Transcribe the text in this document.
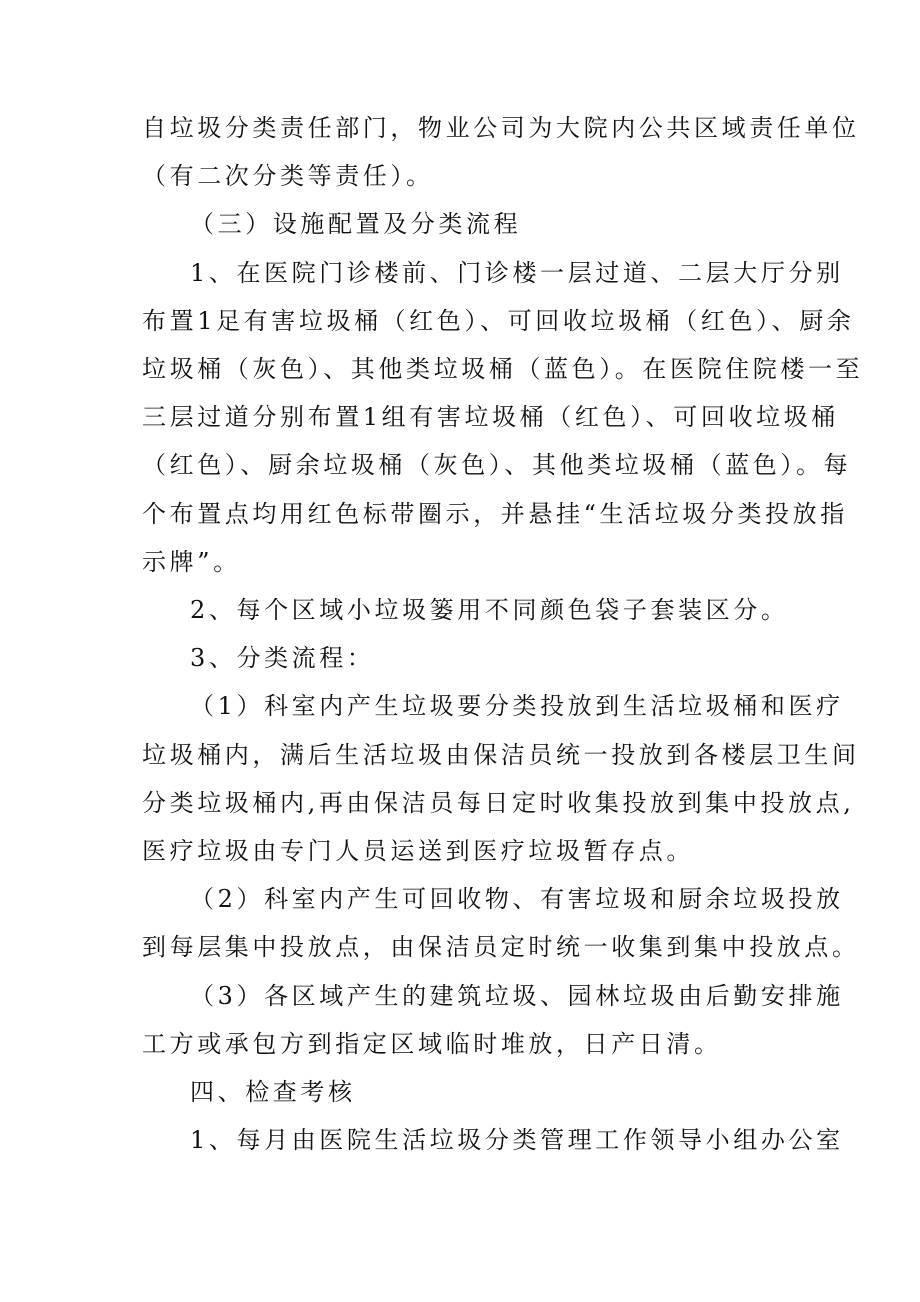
自垃圾分类责任部门，物业公司为大院内公共区域责任单位
（有二次分类等责任）。

（三）设施配置及分类流程

1、在医院门诊楼前、门诊楼一层过道、二层大厅分别
布置1足有害垃圾桶（红色）、可回收垃圾桶（红色）、厨余
垃圾桶（灰色）、其他类垃圾桶（蓝色）。在医院住院楼一至
三层过道分别布置1组有害垃圾桶（红色）、可回收垃圾桶
（红色）、厨余垃圾桶（灰色）、其他类垃圾桶（蓝色）。每
个布置点均用红色标带圈示，并悬挂“生活垃圾分类投放指
示牌”。

2、每个区域小垃圾篓用不同颜色袋子套装区分。

3、分类流程：

（1）科室内产生垃圾要分类投放到生活垃圾桶和医疗
垃圾桶内，满后生活垃圾由保洁员统一投放到各楼层卫生间
分类垃圾桶内,再由保洁员每日定时收集投放到集中投放点,
医疗垃圾由专门人员运送到医疗垃圾暂存点。

（2）科室内产生可回收物、有害垃圾和厨余垃圾投放
到每层集中投放点，由保洁员定时统一收集到集中投放点。

（3）各区域产生的建筑垃圾、园林垃圾由后勤安排施
工方或承包方到指定区域临时堆放，日产日清。

四、检查考核

1、每月由医院生活垃圾分类管理工作领导小组办公室
